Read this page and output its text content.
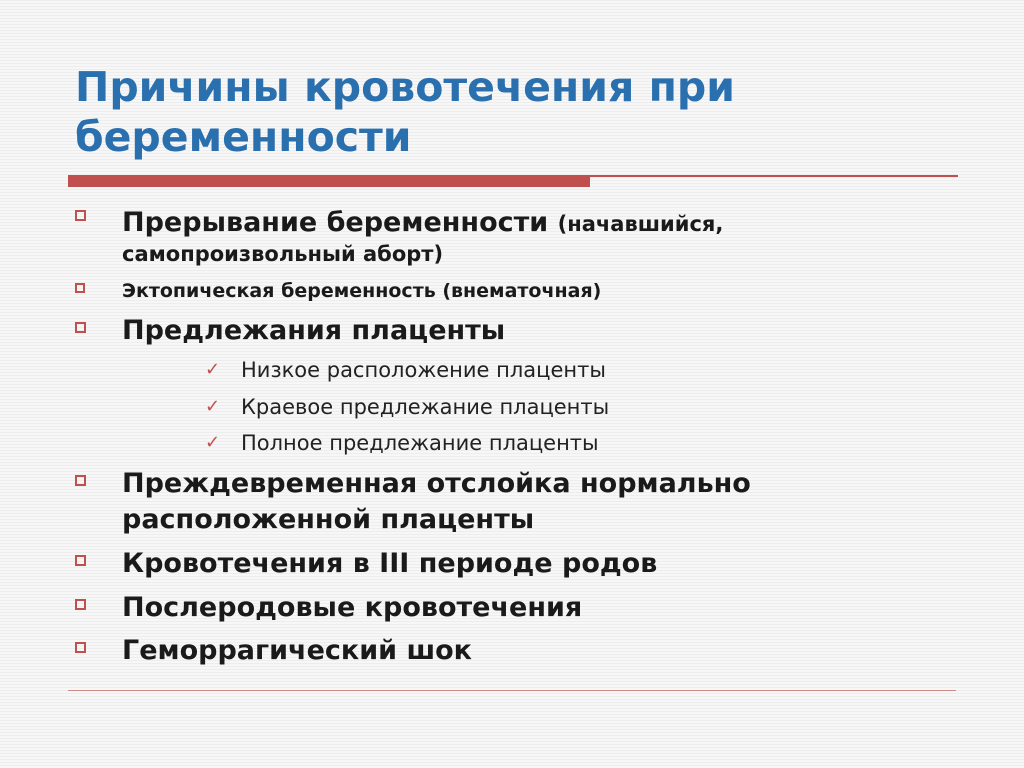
Причины кровотечения при
беременности
Прерывание беременности (начавшийся,
самопроизвольный аборт)
Эктопическая беременность (внематочная)
Предлежания плаценты
✓ Низкое расположение плаценты
✓ Краевое предлежание плаценты
✓ Полное предлежание плаценты
Преждевременная отслойка нормально
расположенной плаценты
Кровотечения в III периоде родов
Послеродовые кровотечения
Геморрагический шок
